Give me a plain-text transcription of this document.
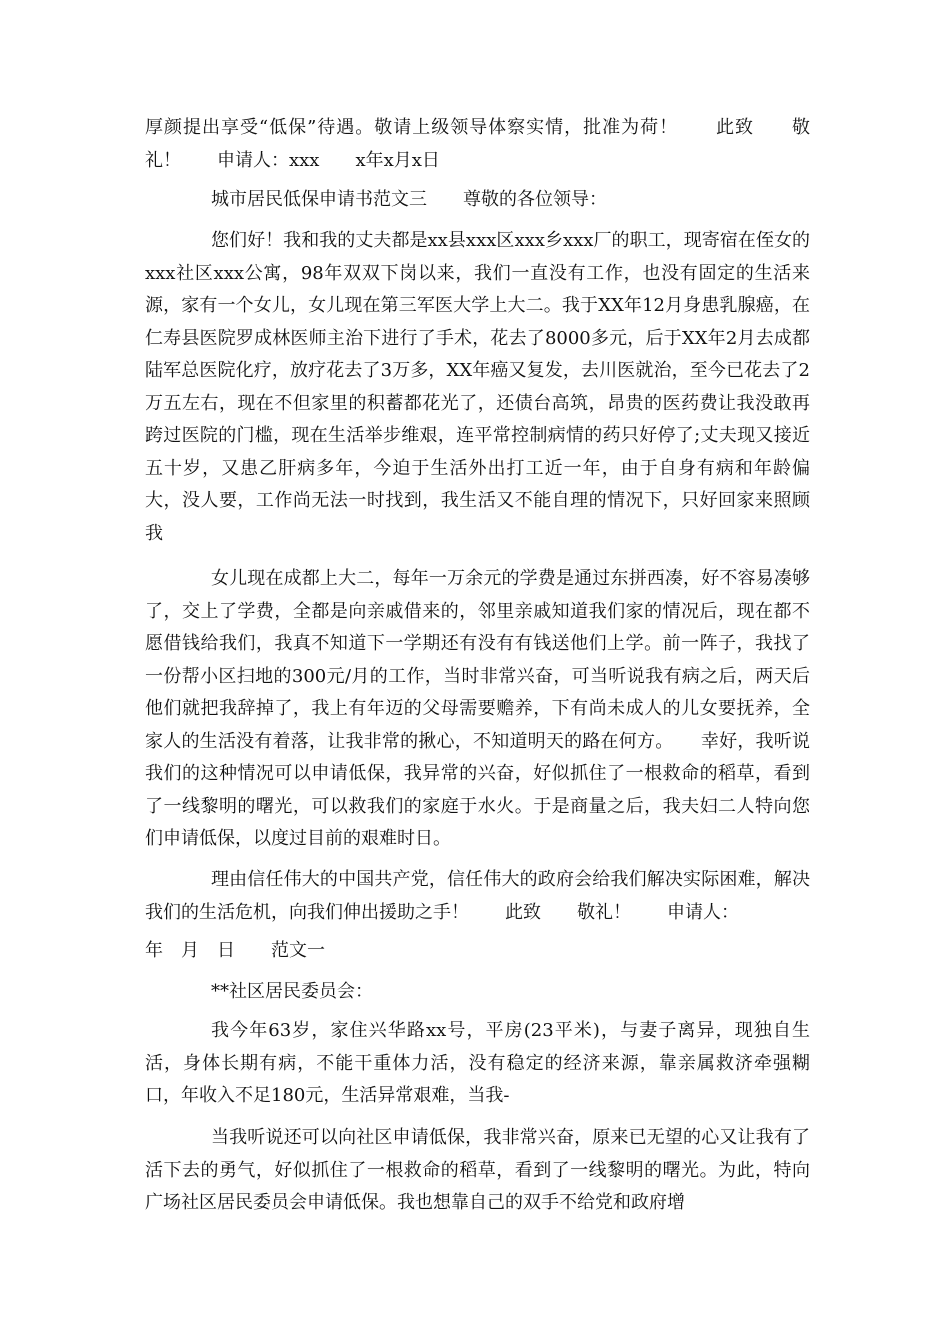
厚颜提出享受“低保”待遇。敬请上级领导体察实情，批准为荷！　　此致　　敬礼！　　申请人：xxx　　x年x月x日

城市居民低保申请书范文三　　尊敬的各位领导：

您们好！我和我的丈夫都是xx县xxx区xxx乡xxx厂的职工，现寄宿在侄女的xxx社区xxx公寓，98年双双下岗以来，我们一直没有工作，也没有固定的生活来源，家有一个女儿，女儿现在第三军医大学上大二。我于XX年12月身患乳腺癌，在仁寿县医院罗成林医师主治下进行了手术，花去了8000多元，后于XX年2月去成都陆军总医院化疗，放疗花去了3万多，XX年癌又复发，去川医就治，至今已花去了2万五左右，现在不但家里的积蓄都花光了，还债台高筑，昂贵的医药费让我没敢再跨过医院的门槛，现在生活举步维艰，连平常控制病情的药只好停了;丈夫现又接近五十岁，又患乙肝病多年，今迫于生活外出打工近一年，由于自身有病和年龄偏大，没人要，工作尚无法一时找到，我生活又不能自理的情况下，只好回家来照顾我

女儿现在成都上大二，每年一万余元的学费是通过东拼西凑，好不容易凑够了，交上了学费，全都是向亲戚借来的，邻里亲戚知道我们家的情况后，现在都不愿借钱给我们，我真不知道下一学期还有没有有钱送他们上学。前一阵子，我找了一份帮小区扫地的300元/月的工作，当时非常兴奋，可当听说我有病之后，两天后他们就把我辞掉了，我上有年迈的父母需要赡养，下有尚未成人的儿女要抚养，全家人的生活没有着落，让我非常的揪心，不知道明天的路在何方。　　幸好，我听说我们的这种情况可以申请低保，我异常的兴奋，好似抓住了一根救命的稻草，看到了一线黎明的曙光，可以救我们的家庭于水火。于是商量之后，我夫妇二人特向您们申请低保，以度过目前的艰难时日。

理由信任伟大的中国共产党，信任伟大的政府会给我们解决实际困难，解决我们的生活危机，向我们伸出援助之手！　　此致　　敬礼！　　申请人：

年　月　日　　范文一

**社区居民委员会：

我今年63岁，家住兴华路xx号，平房(23平米)，与妻子离异，现独自生活，身体长期有病，不能干重体力活，没有稳定的经济来源，靠亲属救济牵强糊口，年收入不足180元，生活异常艰难，当我-

当我听说还可以向社区申请低保，我非常兴奋，原来已无望的心又让我有了活下去的勇气，好似抓住了一根救命的稻草，看到了一线黎明的曙光。为此，特向广场社区居民委员会申请低保。我也想靠自己的双手不给党和政府增
